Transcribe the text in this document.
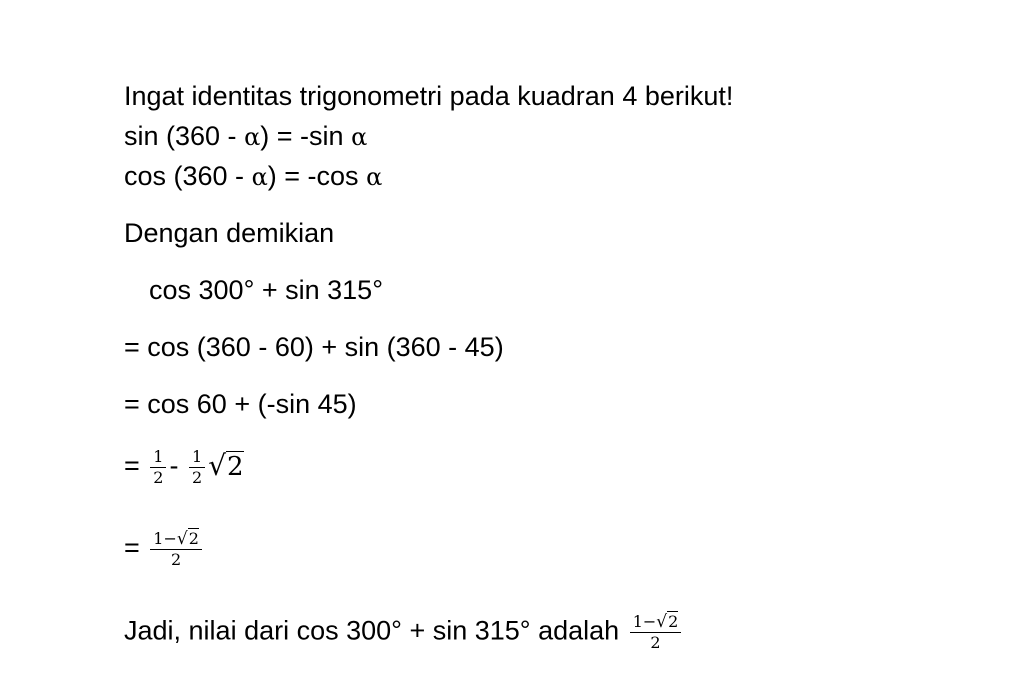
Ingat identitas trigonometri pada kuadran 4 berikut!
sin (360 - α) = -sin α
cos (360 - α) = -cos α
Dengan demikian
cos 300° + sin 315°
= cos (360 - 60) + sin (360 - 45)
= cos 60 + (-sin 45)
= $\frac{1}{2} - \frac{1}{2} √2$
= $\frac{1-√2}{2}$
Jadi, nilai dari cos 300° + sin 315° adalah $\frac{1-√2}{2}$
